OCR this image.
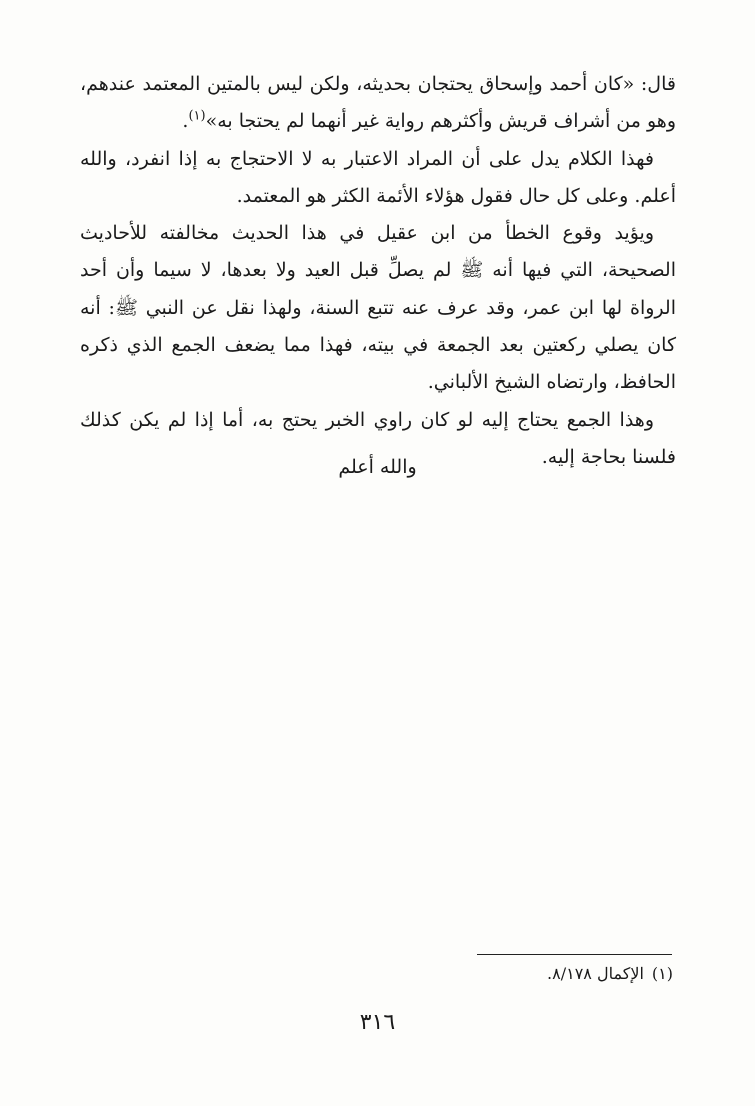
قال: «كان أحمد وإسحاق يحتجان بحديثه، ولكن ليس بالمتين المعتمد عندهم، وهو من أشراف قريش وأكثرهم رواية غير أنهما لم يحتجا به»$^{(١)}$.

فهذا الكلام يدل على أن المراد الاعتبار به لا الاحتجاج به إذا انفرد، والله أعلم. وعلى كل حال فقول هؤلاء الأئمة الكثر هو المعتمد.

ويؤيد وقوع الخطأ من ابن عقيل في هذا الحديث مخالفته للأحاديث الصحيحة، التي فيها أنه ﷺ لم يصلِّ قبل العيد ولا بعدها، لا سيما وأن أحد الرواة لها ابن عمر، وقد عرف عنه تتبع السنة، ولهذا نقل عن النبي ﷺ: أنه كان يصلي ركعتين بعد الجمعة في بيته، فهذا مما يضعف الجمع الذي ذكره الحافظ، وارتضاه الشيخ الألباني.

وهذا الجمع يحتاج إليه لو كان راوي الخبر يحتج به، أما إذا لم يكن كذلك فلسنا بحاجة إليه.

والله أعلم
(١)الإكمال ٨/١٧٨.
٣١٦
